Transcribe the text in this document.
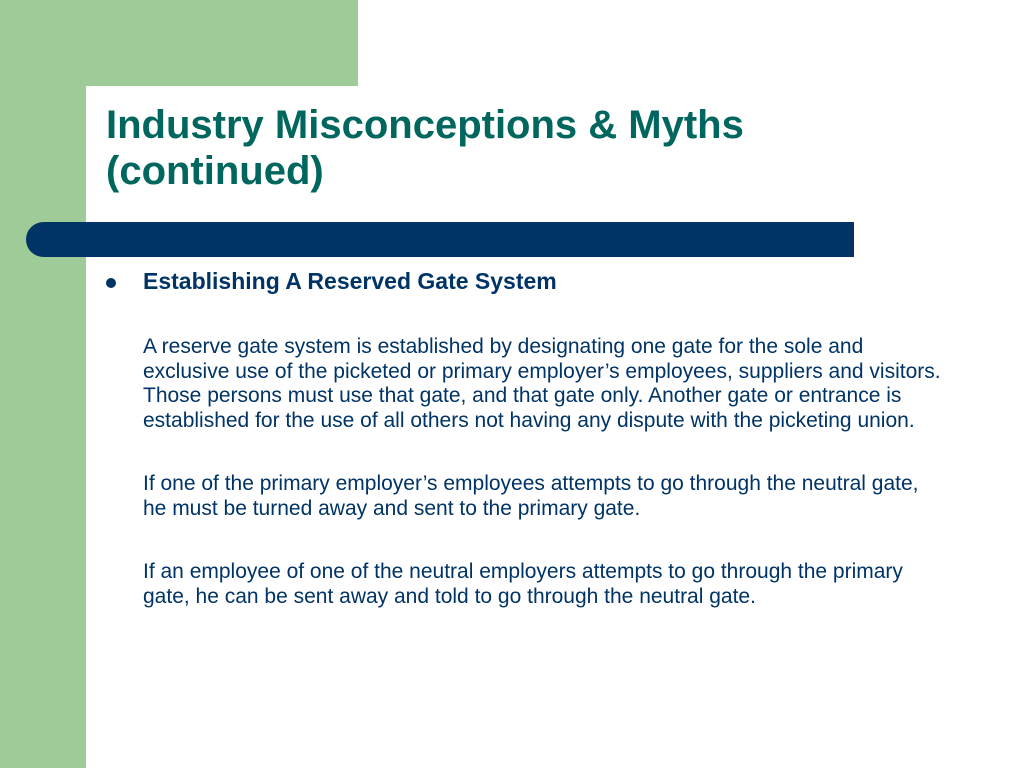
Industry Misconceptions & Myths
(continued)
Establishing A Reserved Gate System

A reserve gate system is established by designating one gate for the sole and exclusive use of the picketed or primary employer’s employees, suppliers and visitors. Those persons must use that gate, and that gate only. Another gate or entrance is established for the use of all others not having any dispute with the picketing union.

If one of the primary employer’s employees attempts to go through the neutral gate, he must be turned away and sent to the primary gate.

If an employee of one of the neutral employers attempts to go through the primary gate, he can be sent away and told to go through the neutral gate.
